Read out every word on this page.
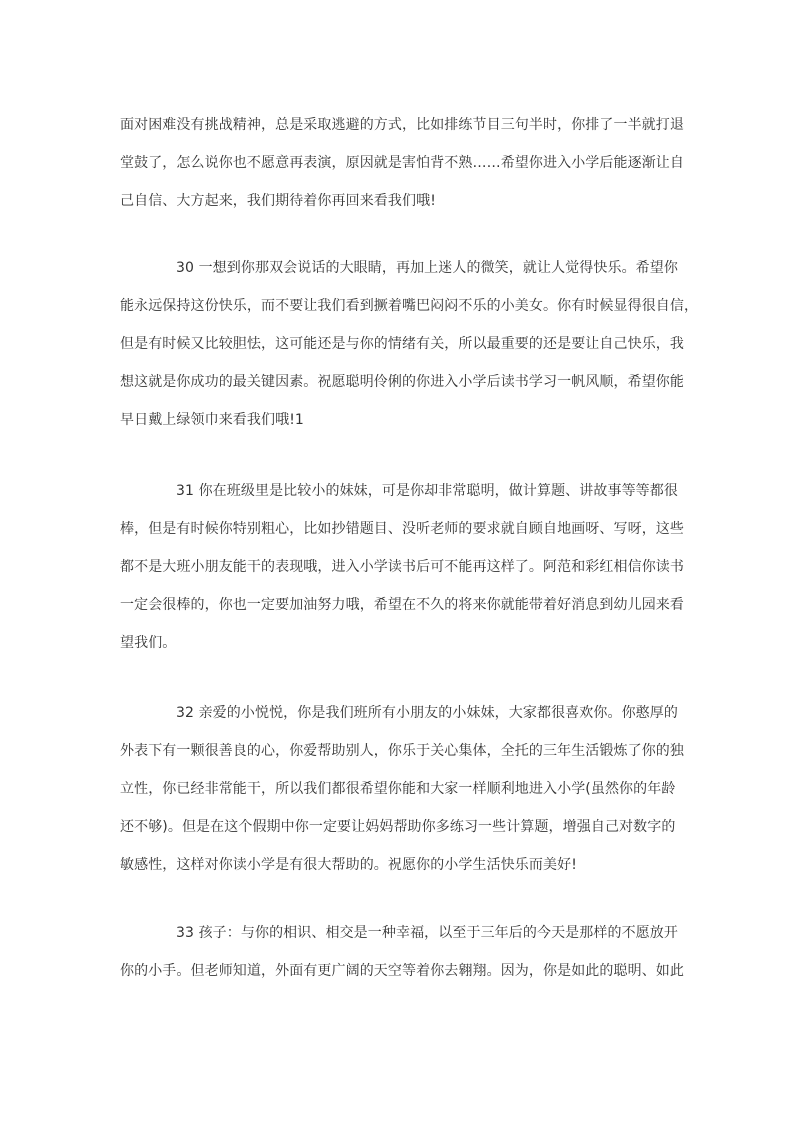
面对困难没有挑战精神，总是采取逃避的方式，比如排练节目三句半时，你排了一半就打退
堂鼓了，怎么说你也不愿意再表演，原因就是害怕背不熟……希望你进入小学后能逐渐让自
己自信、大方起来，我们期待着你再回来看我们哦!
30 一想到你那双会说话的大眼睛，再加上迷人的微笑，就让人觉得快乐。希望你
能永远保持这份快乐，而不要让我们看到撅着嘴巴闷闷不乐的小美女。你有时候显得很自信，
但是有时候又比较胆怯，这可能还是与你的情绪有关，所以最重要的还是要让自己快乐，我
想这就是你成功的最关键因素。祝愿聪明伶俐的你进入小学后读书学习一帆风顺，希望你能
早日戴上绿领巾来看我们哦!1
31 你在班级里是比较小的妹妹，可是你却非常聪明，做计算题、讲故事等等都很
棒，但是有时候你特别粗心，比如抄错题目、没听老师的要求就自顾自地画呀、写呀，这些
都不是大班小朋友能干的表现哦，进入小学读书后可不能再这样了。阿范和彩红相信你读书
一定会很棒的，你也一定要加油努力哦，希望在不久的将来你就能带着好消息到幼儿园来看
望我们。
32 亲爱的小悦悦，你是我们班所有小朋友的小妹妹，大家都很喜欢你。你憨厚的
外表下有一颗很善良的心，你爱帮助别人，你乐于关心集体，全托的三年生活锻炼了你的独
立性，你已经非常能干，所以我们都很希望你能和大家一样顺利地进入小学(虽然你的年龄
还不够)。但是在这个假期中你一定要让妈妈帮助你多练习一些计算题，增强自己对数字的
敏感性，这样对你读小学是有很大帮助的。祝愿你的小学生活快乐而美好!
33 孩子：与你的相识、相交是一种幸福，以至于三年后的今天是那样的不愿放开
你的小手。但老师知道，外面有更广阔的天空等着你去翱翔。因为，你是如此的聪明、如此
